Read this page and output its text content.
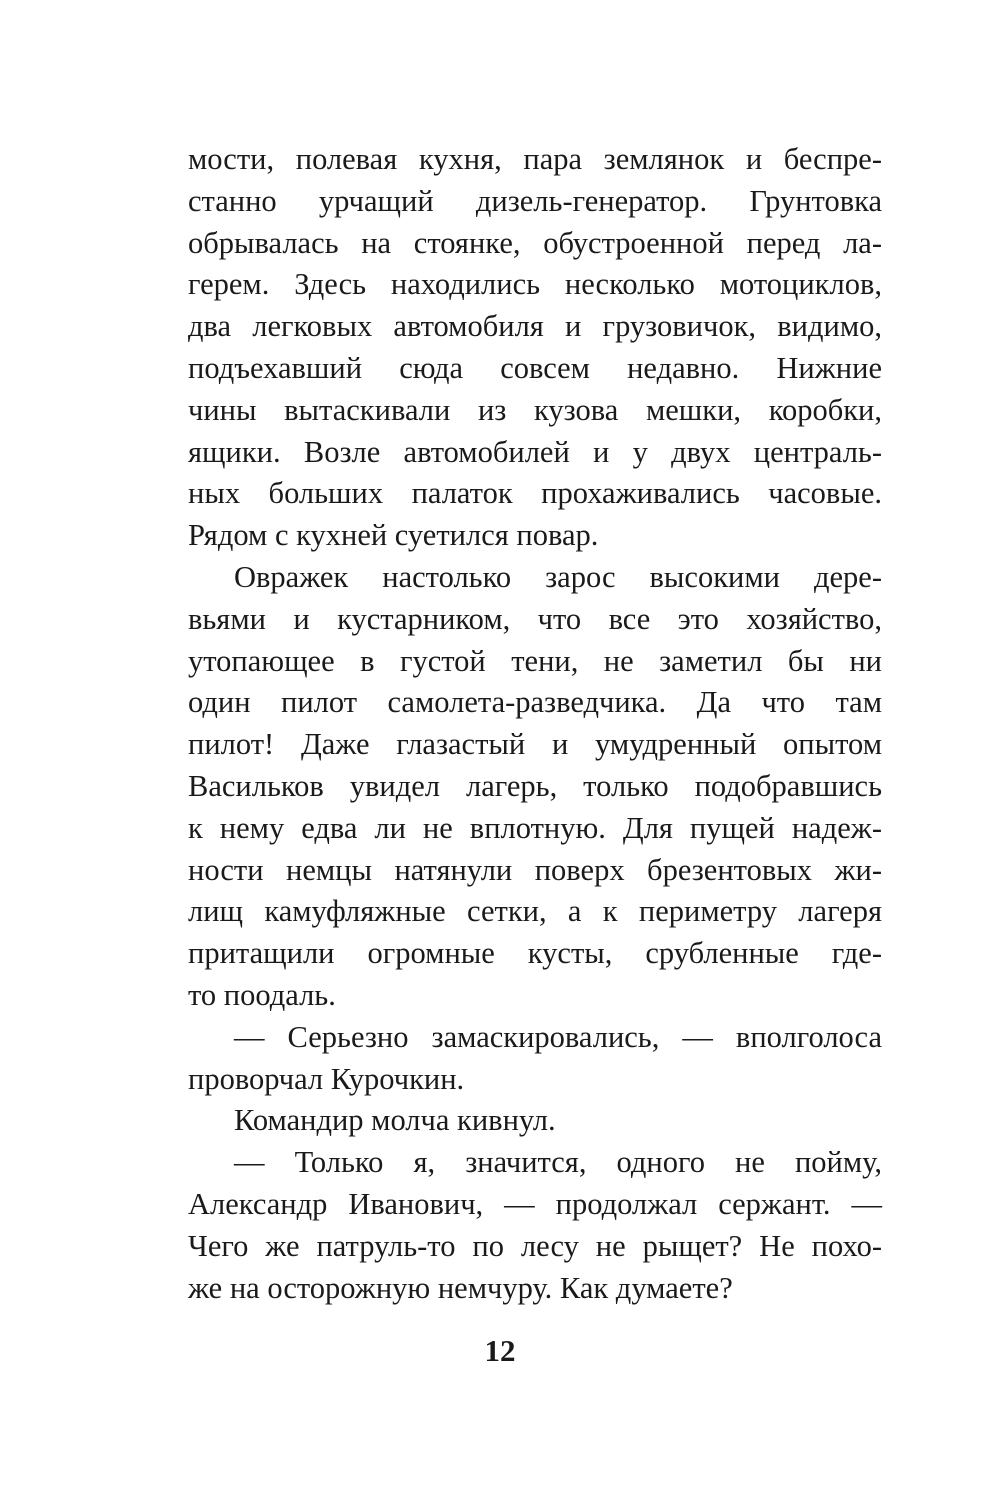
мости, полевая кухня, пара землянок и беспре-
станно урчащий дизель-генератор. Грунтовка
обрывалась на стоянке, обустроенной перед ла-
герем. Здесь находились несколько мотоциклов,
два легковых автомобиля и грузовичок, видимо,
подъехавший сюда совсем недавно. Нижние
чины вытаскивали из кузова мешки, коробки,
ящики. Возле автомобилей и у двух централь-
ных больших палаток прохаживались часовые.
Рядом с кухней суетился повар.
Овражек настолько зарос высокими дере-
вьями и кустарником, что все это хозяйство,
утопающее в густой тени, не заметил бы ни
один пилот самолета-разведчика. Да что там
пилот! Даже глазастый и умудренный опытом
Васильков увидел лагерь, только подобравшись
к нему едва ли не вплотную. Для пущей надеж-
ности немцы натянули поверх брезентовых жи-
лищ камуфляжные сетки, а к периметру лагеря
притащили огромные кусты, срубленные где-
то поодаль.
— Серьезно замаскировались, — вполголоса
проворчал Курочкин.
Командир молча кивнул.
— Только я, значится, одного не пойму,
Александр Иванович, — продолжал сержант. —
Чего же патруль-то по лесу не рыщет? Не похо-
же на осторожную немчуру. Как думаете?
12
